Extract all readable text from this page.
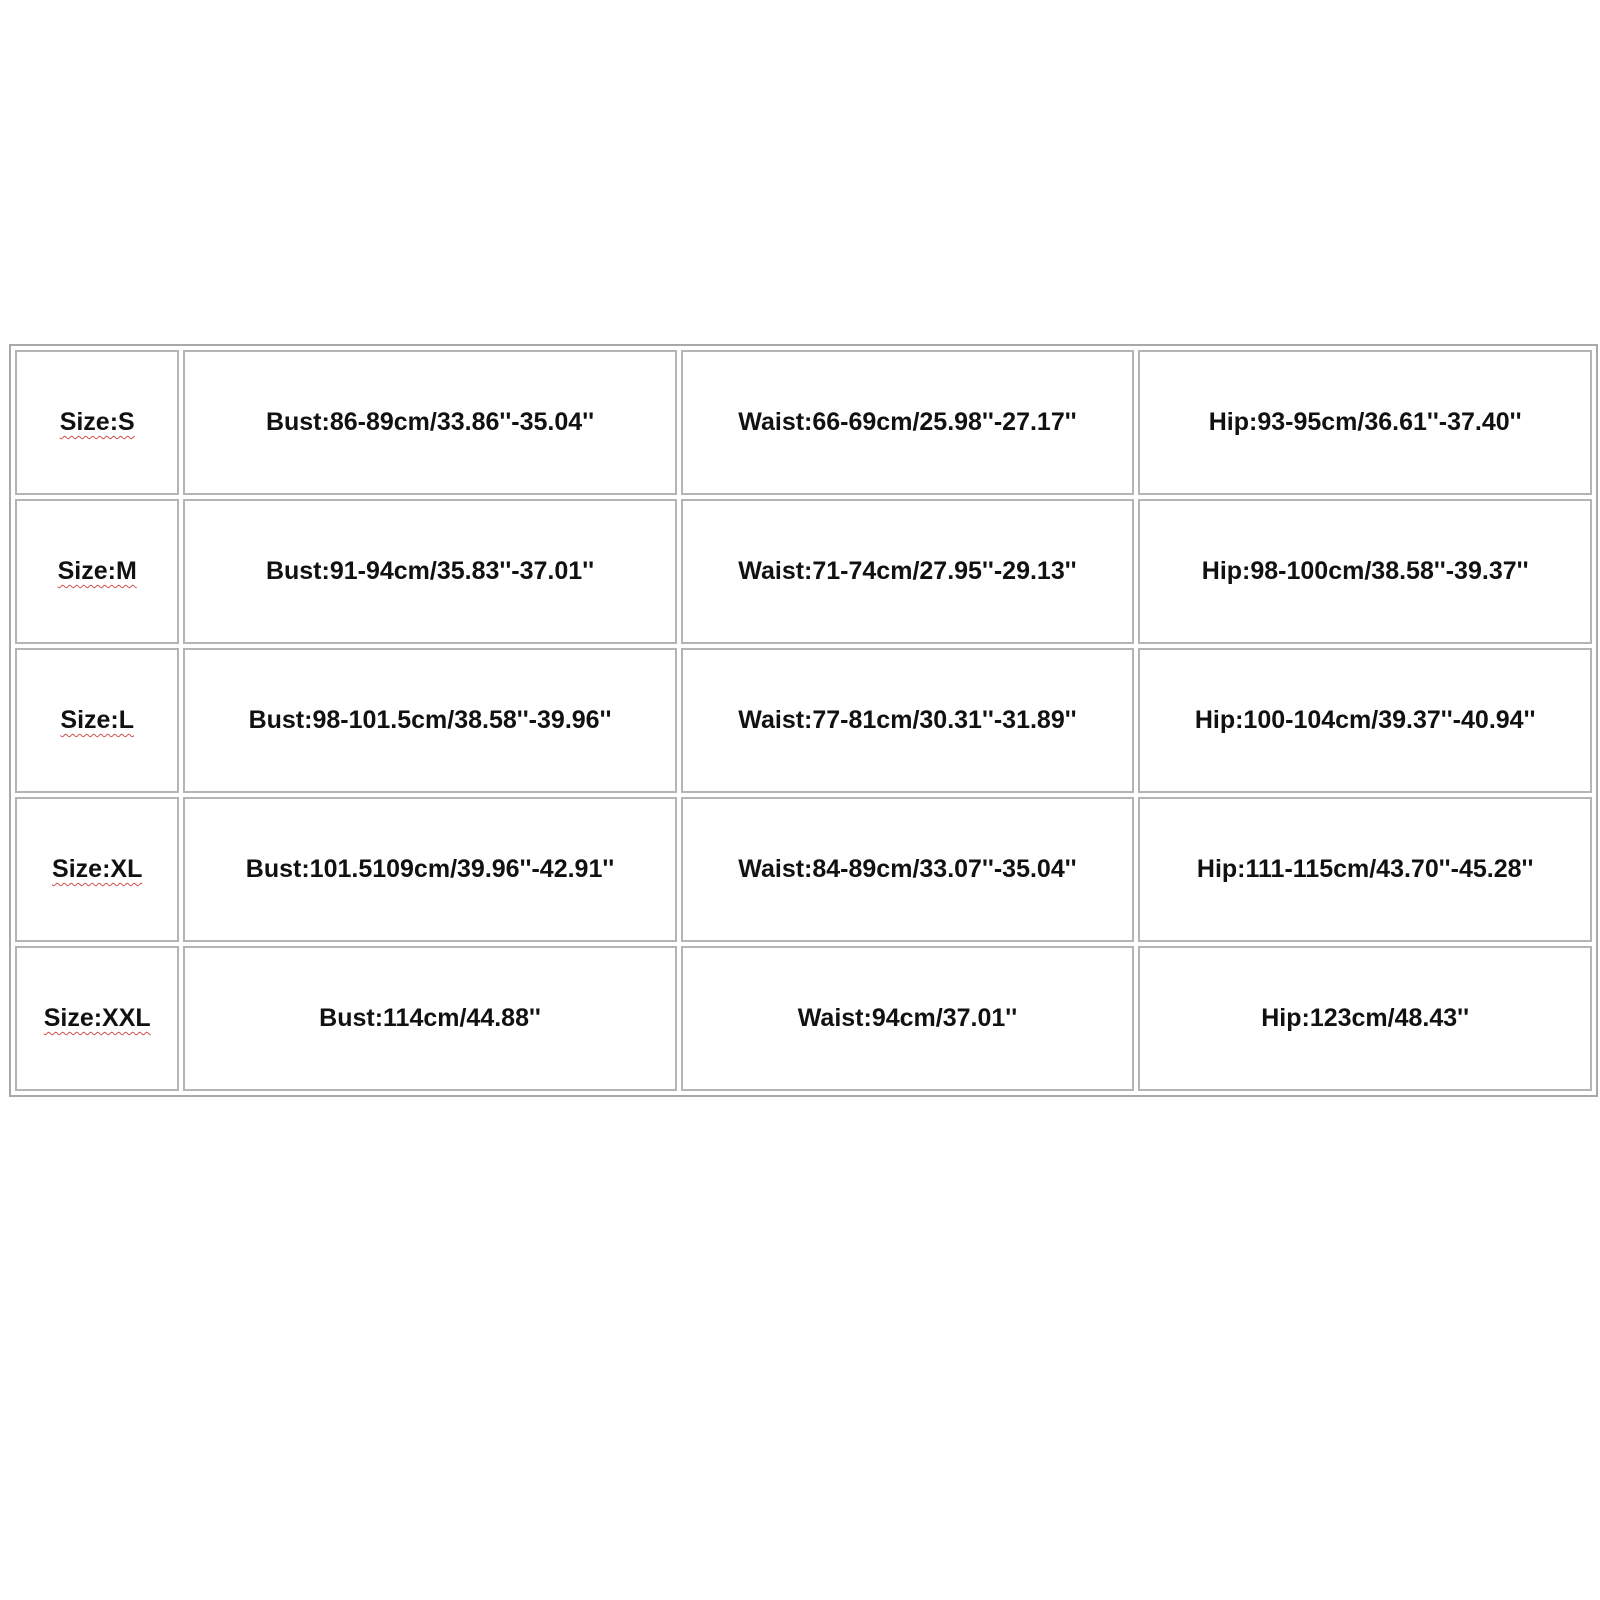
Size:S	Bust:86-89cm/33.86''-35.04''	Waist:66-69cm/25.98''-27.17''	Hip:93-95cm/36.61''-37.40''
Size:M	Bust:91-94cm/35.83''-37.01''	Waist:71-74cm/27.95''-29.13''	Hip:98-100cm/38.58''-39.37''
Size:L	Bust:98-101.5cm/38.58''-39.96''	Waist:77-81cm/30.31''-31.89''	Hip:100-104cm/39.37''-40.94''
Size:XL	Bust:101.5109cm/39.96''-42.91''	Waist:84-89cm/33.07''-35.04''	Hip:111-115cm/43.70''-45.28''
Size:XXL	Bust:114cm/44.88''	Waist:94cm/37.01''	Hip:123cm/48.43''
